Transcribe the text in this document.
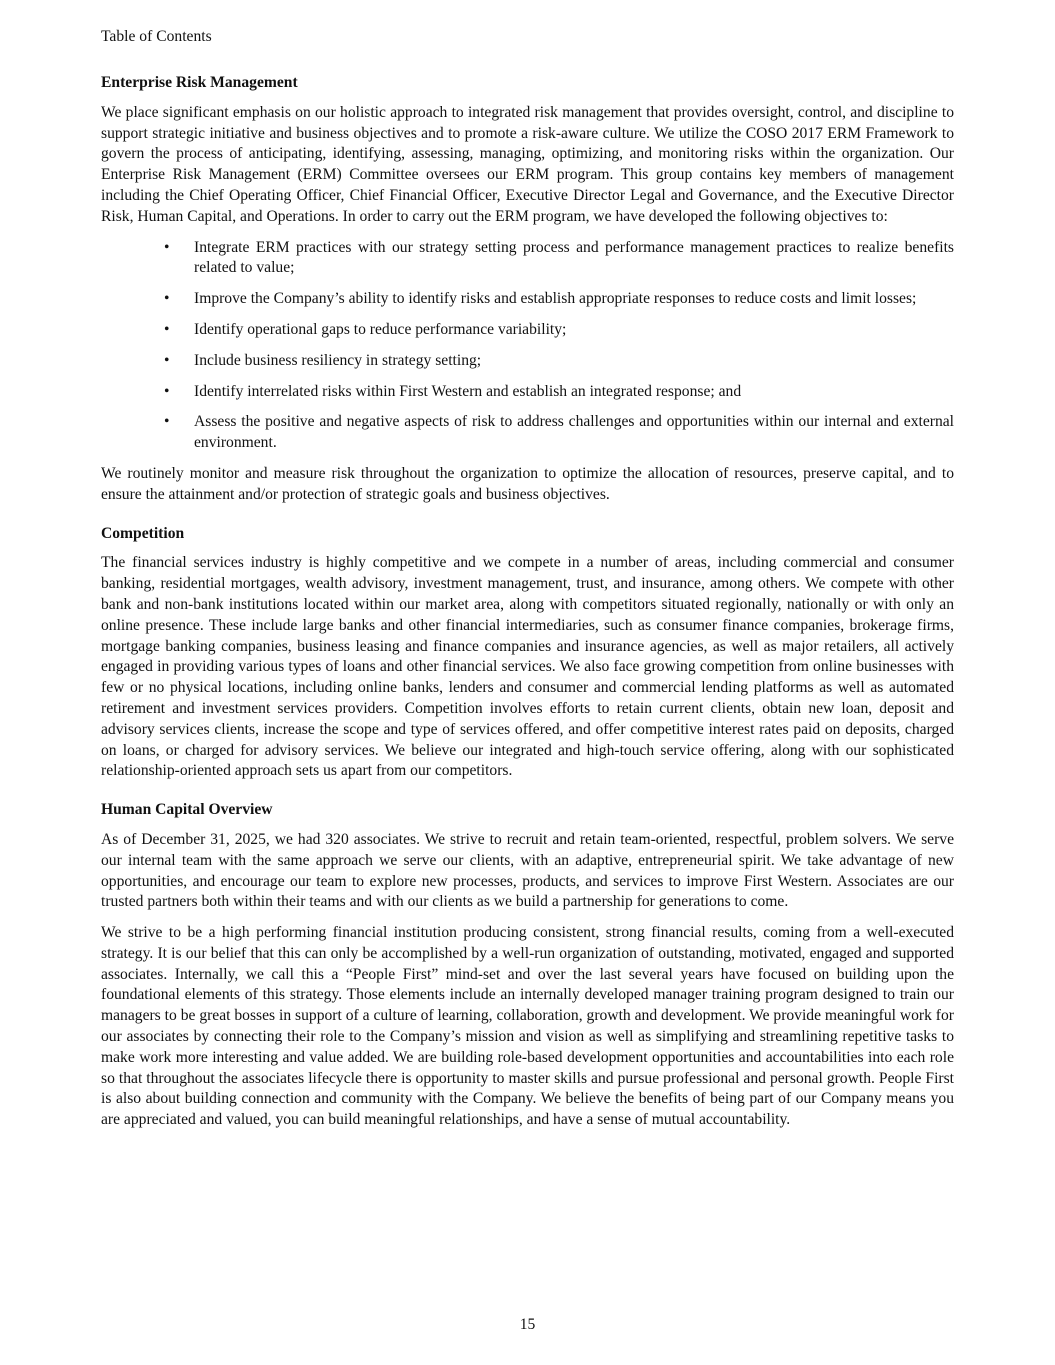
Table of Contents
Enterprise Risk Management

We place significant emphasis on our holistic approach to integrated risk management that provides oversight, control, and discipline to support strategic initiative and business objectives and to promote a risk-aware culture. We utilize the COSO 2017 ERM Framework to govern the process of anticipating, identifying, assessing, managing, optimizing, and monitoring risks within the organization. Our Enterprise Risk Management (ERM) Committee oversees our ERM program. This group contains key members of management including the Chief Operating Officer, Chief Financial Officer, Executive Director Legal and Governance, and the Executive Director Risk, Human Capital, and Operations. In order to carry out the ERM program, we have developed the following objectives to:

• Integrate ERM practices with our strategy setting process and performance management practices to realize benefits related to value;
• Improve the Company’s ability to identify risks and establish appropriate responses to reduce costs and limit losses;
• Identify operational gaps to reduce performance variability;
• Include business resiliency in strategy setting;
• Identify interrelated risks within First Western and establish an integrated response; and
• Assess the positive and negative aspects of risk to address challenges and opportunities within our internal and external environment.

We routinely monitor and measure risk throughout the organization to optimize the allocation of resources, preserve capital, and to ensure the attainment and/or protection of strategic goals and business objectives.

Competition

The financial services industry is highly competitive and we compete in a number of areas, including commercial and consumer banking, residential mortgages, wealth advisory, investment management, trust, and insurance, among others. We compete with other bank and non-bank institutions located within our market area, along with competitors situated regionally, nationally or with only an online presence. These include large banks and other financial intermediaries, such as consumer finance companies, brokerage firms, mortgage banking companies, business leasing and finance companies and insurance agencies, as well as major retailers, all actively engaged in providing various types of loans and other financial services. We also face growing competition from online businesses with few or no physical locations, including online banks, lenders and consumer and commercial lending platforms as well as automated retirement and investment services providers. Competition involves efforts to retain current clients, obtain new loan, deposit and advisory services clients, increase the scope and type of services offered, and offer competitive interest rates paid on deposits, charged on loans, or charged for advisory services. We believe our integrated and high-touch service offering, along with our sophisticated relationship-oriented approach sets us apart from our competitors.

Human Capital Overview

As of December 31, 2025, we had 320 associates. We strive to recruit and retain team-oriented, respectful, problem solvers. We serve our internal team with the same approach we serve our clients, with an adaptive, entrepreneurial spirit. We take advantage of new opportunities, and encourage our team to explore new processes, products, and services to improve First Western. Associates are our trusted partners both within their teams and with our clients as we build a partnership for generations to come.

We strive to be a high performing financial institution producing consistent, strong financial results, coming from a well-executed strategy. It is our belief that this can only be accomplished by a well-run organization of outstanding, motivated, engaged and supported associates. Internally, we call this a “People First” mind-set and over the last several years have focused on building upon the foundational elements of this strategy. Those elements include an internally developed manager training program designed to train our managers to be great bosses in support of a culture of learning, collaboration, growth and development. We provide meaningful work for our associates by connecting their role to the Company’s mission and vision as well as simplifying and streamlining repetitive tasks to make work more interesting and value added. We are building role-based development opportunities and accountabilities into each role so that throughout the associates lifecycle there is opportunity to master skills and pursue professional and personal growth. People First is also about building connection and community with the Company. We believe the benefits of being part of our Company means you are appreciated and valued, you can build meaningful relationships, and have a sense of mutual accountability.

15
